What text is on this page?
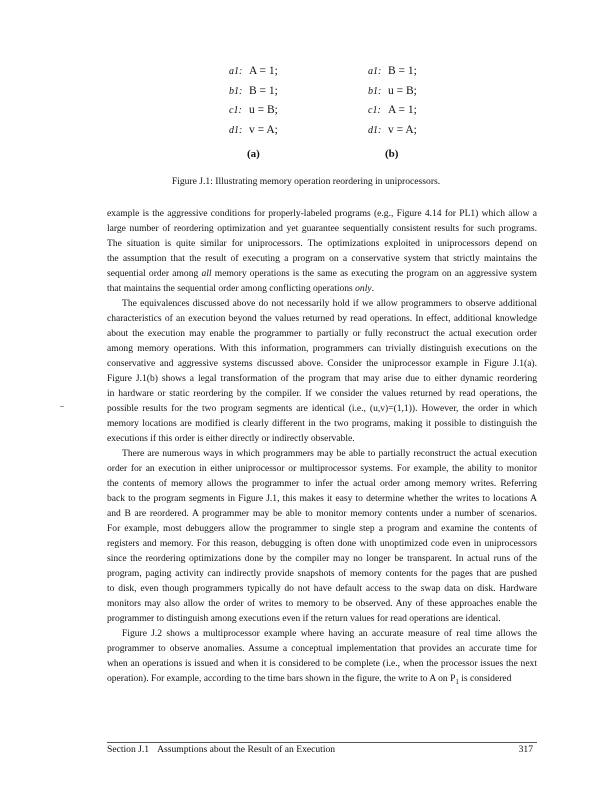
a1: A = 1;
b1: B = 1;
c1: u = B;
d1: v = A;
a1: B = 1;
b1: u = B;
c1: A = 1;
d1: v = A;
(a)	(b)
Figure J.1: Illustrating memory operation reordering in uniprocessors.

example is the aggressive conditions for properly-labeled programs (e.g., Figure 4.14 for PL1) which allow a
large number of reordering optimization and yet guarantee sequentially consistent results for such programs.
The situation is quite similar for uniprocessors. The optimizations exploited in uniprocessors depend on
the assumption that the result of executing a program on a conservative system that strictly maintains the
sequential order among all memory operations is the same as executing the program on an aggressive system
that maintains the sequential order among conflicting operations only.

The equivalences discussed above do not necessarily hold if we allow programmers to observe additional
characteristics of an execution beyond the values returned by read operations. In effect, additional knowledge
about the execution may enable the programmer to partially or fully reconstruct the actual execution order
among memory operations. With this information, programmers can trivially distinguish executions on the
conservative and aggressive systems discussed above. Consider the uniprocessor example in Figure J.1(a).
Figure J.1(b) shows a legal transformation of the program that may arise due to either dynamic reordering
in hardware or static reordering by the compiler. If we consider the values returned by read operations, the
possible results for the two program segments are identical (i.e., (u,v)=(1,1)). However, the order in which
memory locations are modified is clearly different in the two programs, making it possible to distinguish the
executions if this order is either directly or indirectly observable.

There are numerous ways in which programmers may be able to partially reconstruct the actual execution
order for an execution in either uniprocessor or multiprocessor systems. For example, the ability to monitor
the contents of memory allows the programmer to infer the actual order among memory writes. Referring
back to the program segments in Figure J.1, this makes it easy to determine whether the writes to locations A
and B are reordered. A programmer may be able to monitor memory contents under a number of scenarios.
For example, most debuggers allow the programmer to single step a program and examine the contents of
registers and memory. For this reason, debugging is often done with unoptimized code even in uniprocessors
since the reordering optimizations done by the compiler may no longer be transparent. In actual runs of the
program, paging activity can indirectly provide snapshots of memory contents for the pages that are pushed
to disk, even though programmers typically do not have default access to the swap data on disk. Hardware
monitors may also allow the order of writes to memory to be observed. Any of these approaches enable the
programmer to distinguish among executions even if the return values for read operations are identical.

Figure J.2 shows a multiprocessor example where having an accurate measure of real time allows the
programmer to observe anomalies. Assume a conceptual implementation that provides an accurate time for
when an operations is issued and when it is considered to be complete (i.e., when the processor issues the next
operation). For example, according to the time bars shown in the figure, the write to A on $P_1$ is considered

Section J.1 Assumptions about the Result of an Execution	317
